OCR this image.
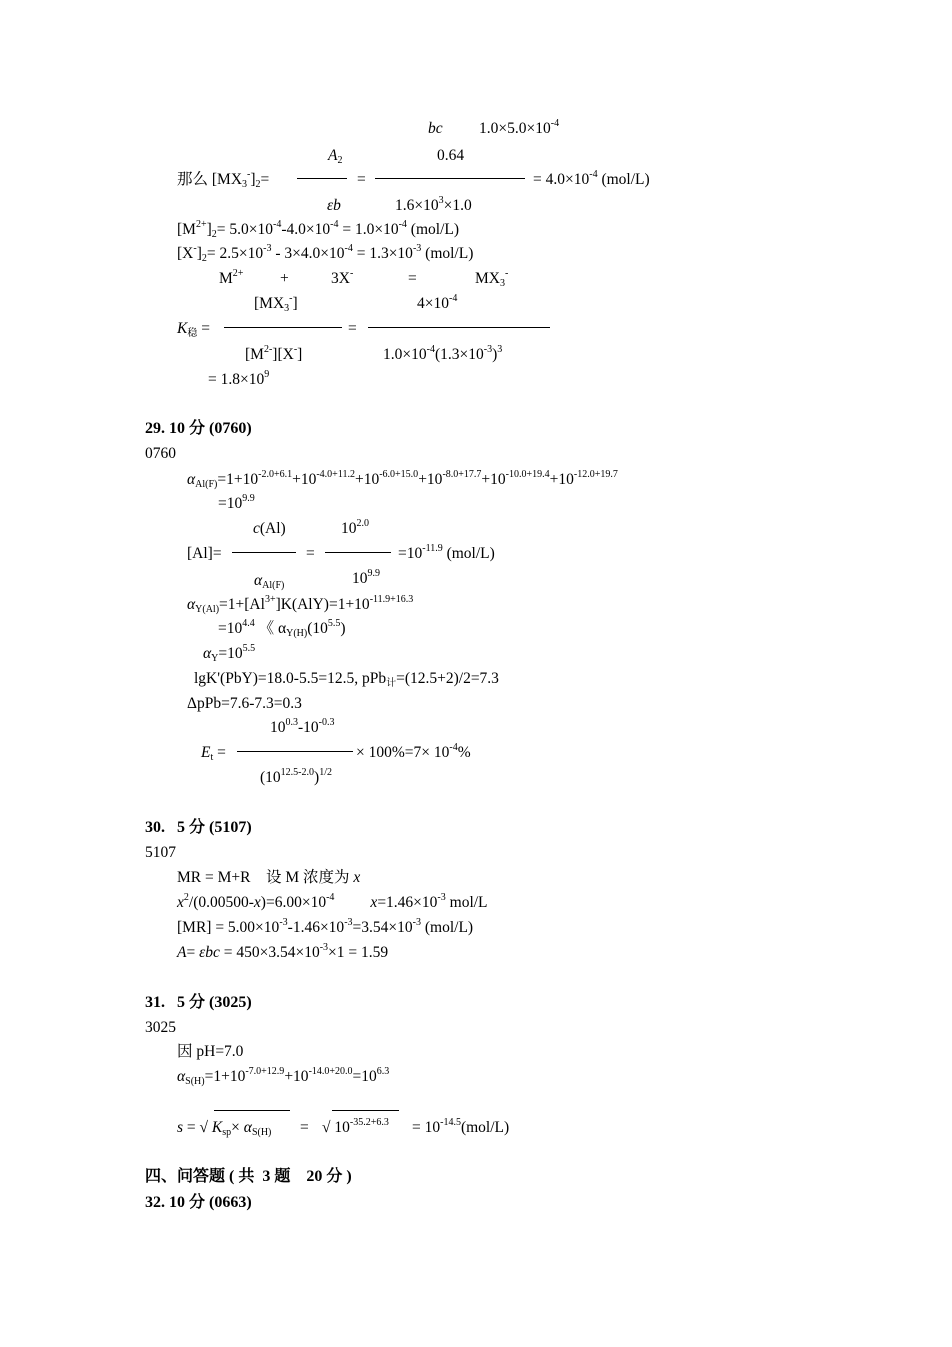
bc $1.0\times 5.0\times 10^{-4}$
$A_2$	0.64
那么 $[MX_3^-]_2=$	=	= $4.0\times 10^{-4}$ (mol/L)
εb	$1.6\times 10^3\times 1.0$
$[M^{2+}]_2= 5.0\times 10^{-4}-4.0\times 10^{-4} = 1.0\times 10^{-4}$ (mol/L)
$[X^-]_2= 2.5\times 10^{-3} - 3\times 4.0\times 10^{-4} = 1.3\times 10^{-3}$ (mol/L)
$M^{2+}$ +	3X-	=	$MX_3^-$
$[MX_3^-]$	$4\times 10^{-4}$
$K_稳$ =	=
$[M^{2-}][X^-]$	$1.0\times 10^{-4}(1.3\times 10^{-3})^3$
= $1.8\times 10^9$
29. 10 分 (0760)
0760
$\alpha_{Al(F)}=1+10^{-2.0+6.1}+10^{-4.0+11.2}+10^{-6.0+15.0}+10^{-8.0+17.7}+10^{-10.0+19.4}+10^{-12.0+19.7}$
$=10^{9.9}$
c(Al)	$10^{2.0}$
[Al]=	=	$=10^{-11.9}$ (mol/L)
$\alpha_{Al(F)}$	$10^{9.9}$
$\alpha_{Y(Al)}=1+[Al^{3+}]K(AlY)=1+10^{-11.9+16.3}$
$=10^{4.4}$ 《 $\alpha_{Y(H)}(10^{5.5})$
$\alpha_Y=10^{5.5}$
lgK'(PbY)=18.0-5.5=12.5, pPb$_计$=(12.5+2)/2=7.3
ΔpPb=7.6-7.3=0.3
$10^{0.3}-10^{-0.3}$
$E_t$ =	× $100\%=7\times 10^{-4}\%$
$(10^{12.5-2.0})^{1/2}$
30.   5 分 (5107)
5107
MR = M+R    设 M 浓度为 x
$x^2/(0.00500-x)=6.00\times 10^{-4}$ $x=1.46\times 10^{-3}$ mol/L
$[MR] = 5.00\times 10^{-3}-1.46\times 10^{-3}=3.54\times 10^{-3}$ (mol/L)
$A= \varepsilon bc = 450\times 3.54\times 10^{-3}\times 1 = 1.59$
31.   5 分 (3025)
3025
因 pH=7.0
$\alpha_{S(H)}=1+10^{-7.0+12.9}+10^{-14.0+20.0}=10^{6.3}$
s = √ $K_{sp}\times \alpha_{S(H)}$ = √ $10^{-35.2+6.3} = 10^{-14.5}(mol/L)$
四、问答题 ( 共  3 题    20 分 )
32. 10 分 (0663)
